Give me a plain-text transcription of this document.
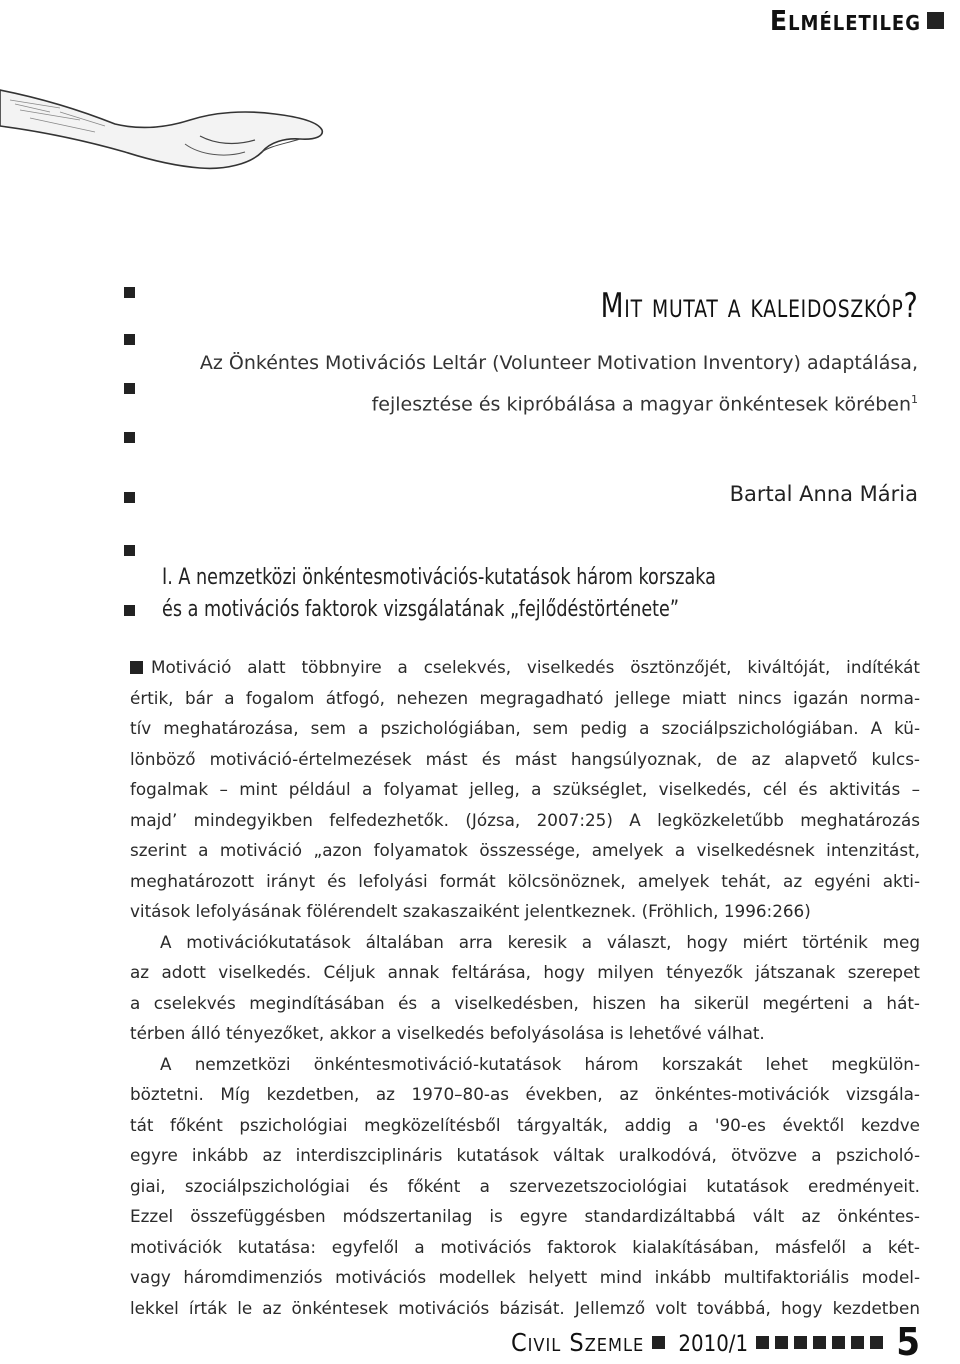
Elméletileg
Mit mutat a kaleidoszkóp?
Az Önkéntes Motivációs Leltár (Volunteer Motivation Inventory) adaptálása,
fejlesztése és kipróbálása a magyar önkéntesek körében$^1$
Bartal Anna Mária
I. A nemzetközi önkéntesmotivációs-kutatások három korszaka
és a motivációs faktorok vizsgálatának „fejlődéstörténete”

Motiváció alatt többnyire a cselekvés, viselkedés ösztönzőjét, kiváltóját, indítékát

értik, bár a fogalom átfogó, nehezen megragadható jellege miatt nincs igazán norma-

tív meghatározása, sem a pszichológiában, sem pedig a szociálpszichológiában. A kü-

lönböző motiváció-értelmezések mást és mást hangsúlyoznak, de az alapvető kulcs-

fogalmak – mint például a folyamat jelleg, a szükséglet, viselkedés, cél és aktivitás –

majd’ mindegyikben felfedezhetők. (Józsa, 2007:25) A legközkeletűbb meghatározás

szerint a motiváció „azon folyamatok összessége, amelyek a viselkedésnek intenzitást,

meghatározott irányt és lefolyási formát kölcsönöznek, amelyek tehát, az egyéni akti-

vitások lefolyásának fölérendelt szakaszaiként jelentkeznek. (Fröhlich, 1996:266)

A motivációkutatások általában arra keresik a választ, hogy miért történik meg

az adott viselkedés. Céljuk annak feltárása, hogy milyen tényezők játszanak szerepet

a cselekvés megindításában és a viselkedésben, hiszen ha sikerül megérteni a hát-

térben álló tényezőket, akkor a viselkedés befolyásolása is lehetővé válhat.

A nemzetközi önkéntesmotiváció-kutatások három korszakát lehet megkülön-

böztetni. Míg kezdetben, az 1970–80-as években, az önkéntes-motivációk vizsgála-

tát főként pszichológiai megközelítésből tárgyalták, addig a '90-es évektől kezdve

egyre inkább az interdiszciplináris kutatások váltak uralkodóvá, ötvözve a pszicholó-

giai, szociálpszichológiai és főként a szervezetszociológiai kutatások eredményeit.

Ezzel összefüggésben módszertanilag is egyre standardizáltabbá vált az önkéntes-

motivációk kutatása: egyfelől a motivációs faktorok kialakításában, másfelől a két-

vagy háromdimenziós motivációs modellek helyett mind inkább multifaktoriális model-

lekkel írták le az önkéntesek motivációs bázisát. Jellemző volt továbbá, hogy kezdetben

Civil Szemle 2010/1	5
